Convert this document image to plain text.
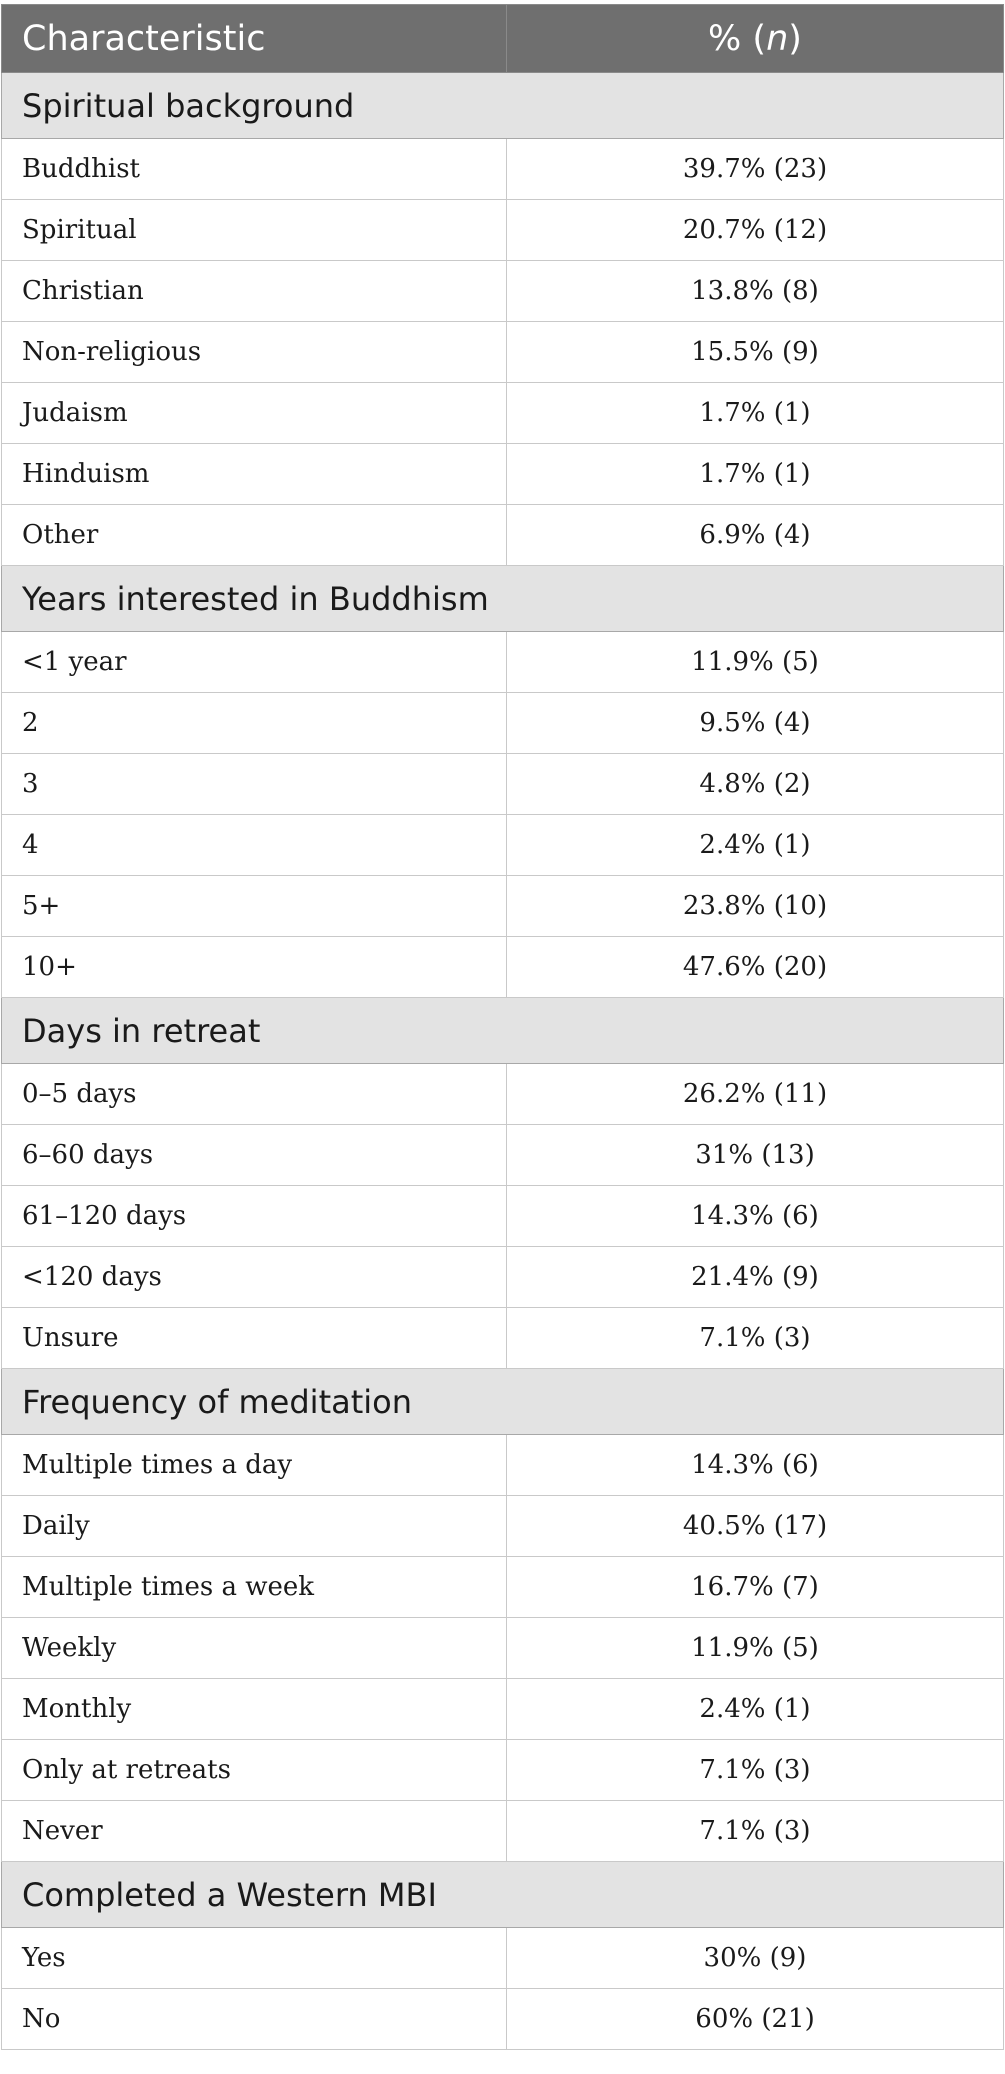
Characteristic	% (n)
Spiritual background	
Buddhist	39.7% (23)
Spiritual	20.7% (12)
Christian	13.8% (8)
Non-religious	15.5% (9)
Judaism	1.7% (1)
Hinduism	1.7% (1)
Other	6.9% (4)
Years interested in Buddhism	
<1 year	11.9% (5)
2	9.5% (4)
3	4.8% (2)
4	2.4% (1)
5+	23.8% (10)
10+	47.6% (20)
Days in retreat	
0–5 days	26.2% (11)
6–60 days	31% (13)
61–120 days	14.3% (6)
<120 days	21.4% (9)
Unsure	7.1% (3)
Frequency of meditation	
Multiple times a day	14.3% (6)
Daily	40.5% (17)
Multiple times a week	16.7% (7)
Weekly	11.9% (5)
Monthly	2.4% (1)
Only at retreats	7.1% (3)
Never	7.1% (3)
Completed a Western MBI	
Yes	30% (9)
No	60% (21)
